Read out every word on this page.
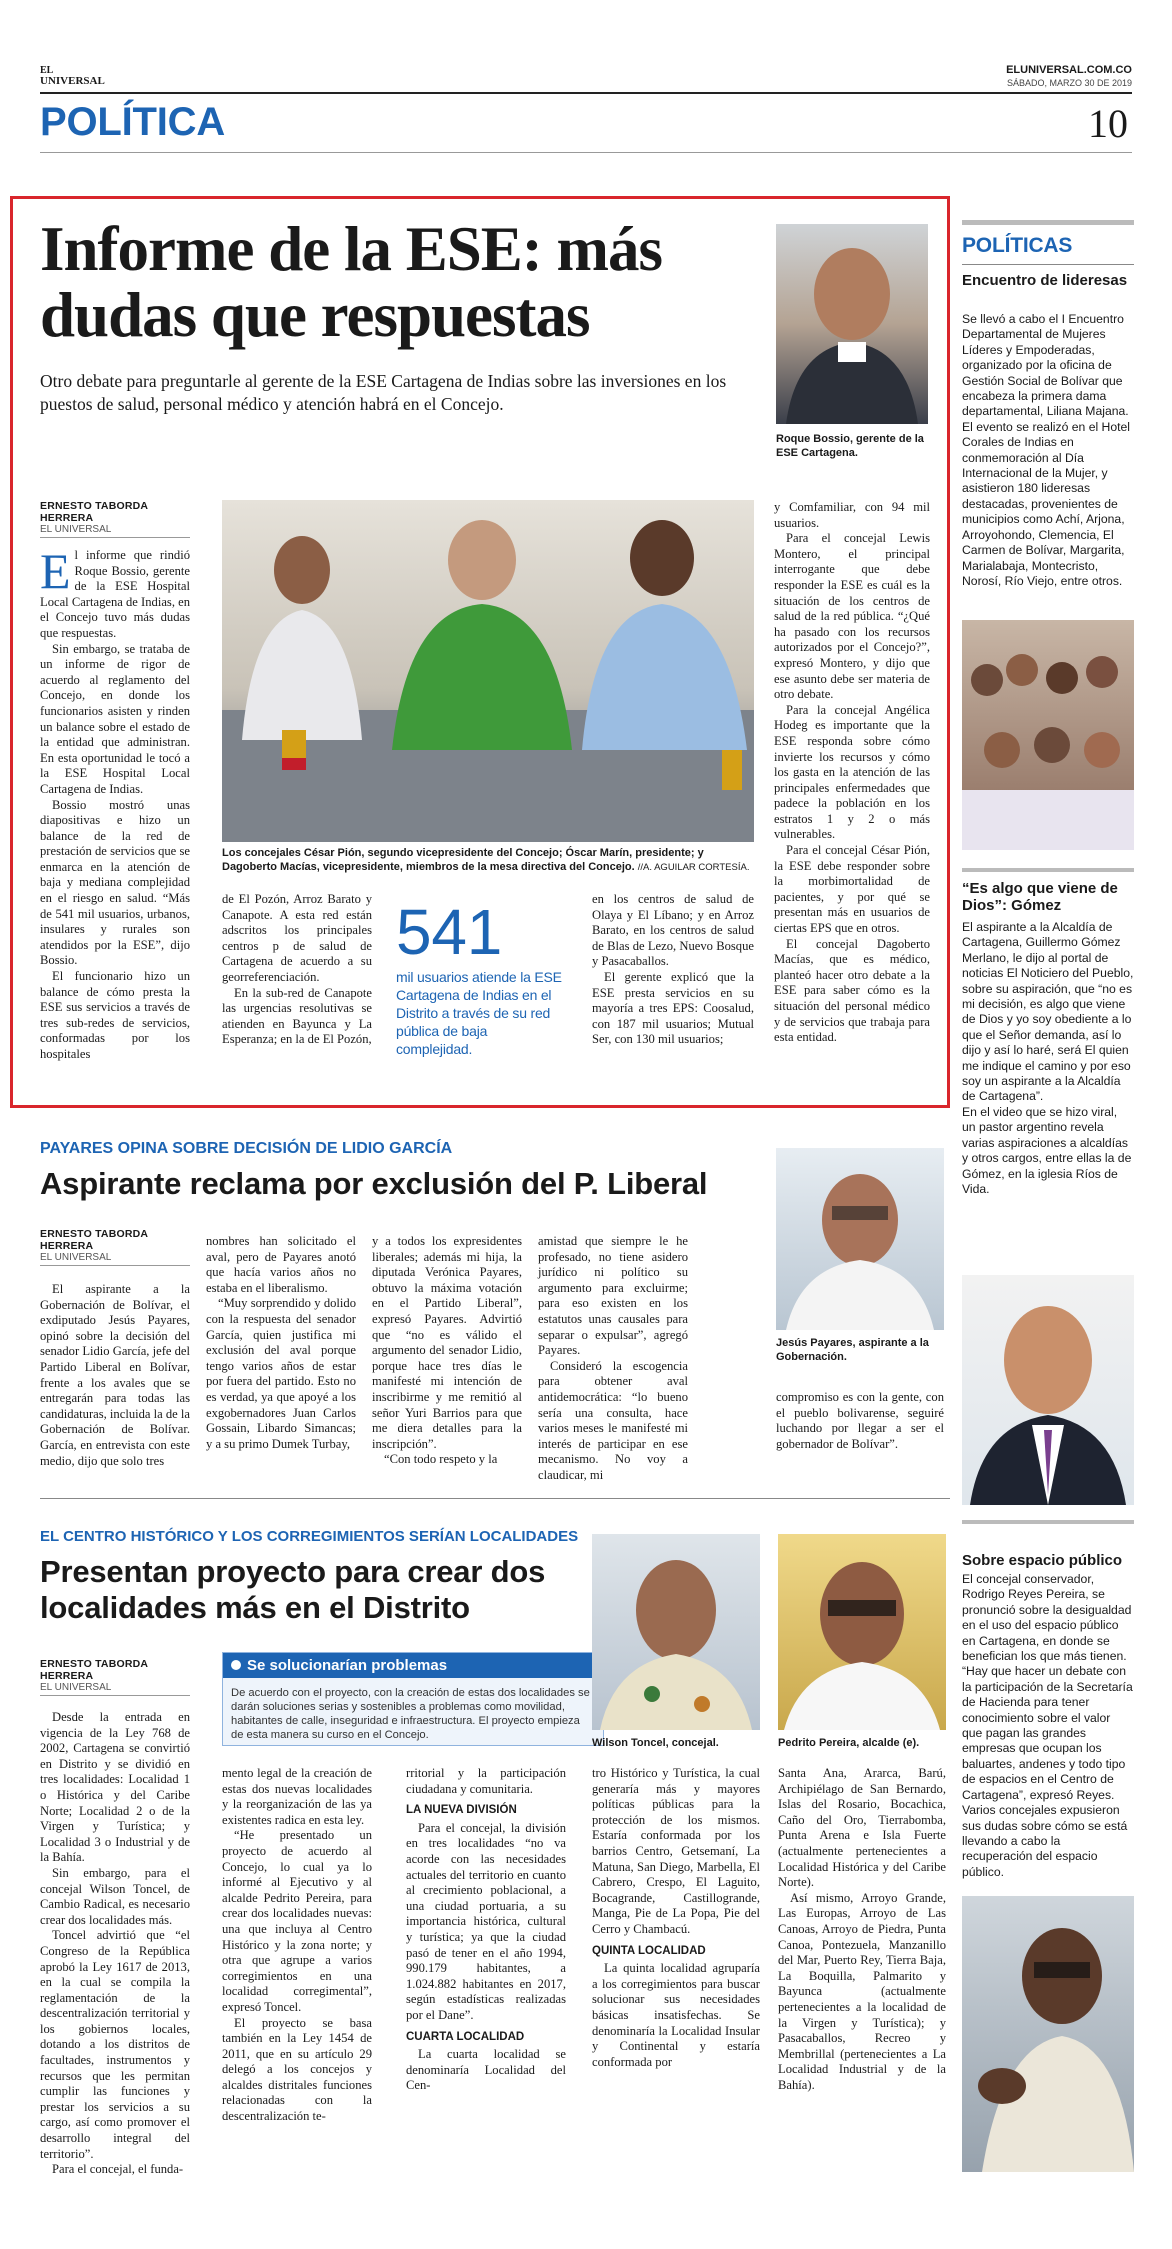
EL
UNIVERSAL
ELUNIVERSAL.COM.CO
SÁBADO, MARZO 30 DE 2019
POLÍTICA	10
Informe de la ESE: más
dudas que respuestas
Otro debate para preguntarle al gerente de la ESE Cartagena de Indias sobre las inversiones en los puestos de salud, personal médico y atención habrá en el Concejo.
Roque Bossio, gerente de la ESE Cartagena.
ERNESTO TABORDA HERRERA
EL UNIVERSAL

El informe que rindió Roque Bossio, gerente de la ESE Hospital Local Cartagena de Indias, en el Concejo tuvo más dudas que respuestas.

Sin embargo, se trataba de un informe de rigor de acuerdo al reglamento del Concejo, en donde los funcionarios asisten y rinden un balance sobre el estado de la entidad que administran. En esta oportunidad le tocó a la ESE Hospital Local Cartagena de Indias.

Bossio mostró unas diapositivas e hizo un balance de la red de prestación de servicios que se enmarca en la atención de baja y mediana complejidad en el riesgo en salud. “Más de 541 mil usuarios, urbanos, insulares y rurales son atendidos por la ESE”, dijo Bossio.

El funcionario hizo un balance de cómo presta la ESE sus servicios a través de tres sub-redes de servicios, conformadas por los hospitales

Los concejales César Pión, segundo vicepresidente del Concejo; Óscar Marín, presidente; y Dagoberto Macías, vicepresidente, miembros de la mesa directiva del Concejo. //A. AGUILAR CORTESÍA.

de El Pozón, Arroz Barato y Canapote. A esta red están adscritos los principales centros p de salud de Cartagena de acuerdo a su georreferenciación.

En la sub-red de Canapote las urgencias resolutivas se atienden en Bayunca y La Esperanza; en la de El Pozón,

541
mil usuarios atiende la ESE Cartagena de Indias en el Distrito a través de su red pública de baja complejidad.

en los centros de salud de Olaya y El Líbano; y en Arroz Barato, en los centros de salud de Blas de Lezo, Nuevo Bosque y Pasacaballos.

El gerente explicó que la ESE presta servicios en su mayoría a tres EPS: Coosalud, con 187 mil usuarios; Mutual Ser, con 130 mil usuarios;

y Comfamiliar, con 94 mil usuarios.

Para el concejal Lewis Montero, el principal interrogante que debe responder la ESE es cuál es la situación de los centros de salud de la red pública. “¿Qué ha pasado con los recursos autorizados por el Concejo?”, expresó Montero, y dijo que ese asunto debe ser materia de otro debate.

Para la concejal Angélica Hodeg es importante que la ESE responda sobre cómo invierte los recursos y cómo los gasta en la atención de las principales enfermedades que padece la población en los estratos 1 y 2 o más vulnerables.

Para el concejal César Pión, la ESE debe responder sobre la morbimortalidad de pacientes, y por qué se presentan más en usuarios de ciertas EPS que en otros.

El concejal Dagoberto Macías, que es médico, planteó hacer otro debate a la ESE para saber cómo es la situación del personal médico y de servicios que trabaja para esta entidad.

POLÍTICAS
Encuentro de lideresas
Se llevó a cabo el I Encuentro Departamental de Mujeres Líderes y Empoderadas, organizado por la oficina de Gestión Social de Bolívar que encabeza la primera dama departamental, Liliana Majana. El evento se realizó en el Hotel Corales de Indias en conmemoración al Día Internacional de la Mujer, y asistieron 180 lideresas destacadas, provenientes de municipios como Achí, Arjona, Arroyohondo, Clemencia, El Carmen de Bolívar, Margarita, Marialabaja, Montecristo, Norosí, Río Viejo, entre otros.
“Es algo que viene de Dios”: Gómez
El aspirante a la Alcaldía de Cartagena, Guillermo Gómez Merlano, le dijo al portal de noticias El Noticiero del Pueblo, sobre su aspiración, que “no es mi decisión, es algo que viene de Dios y yo soy obediente a lo que el Señor demanda, así lo dijo y así lo haré, será El quien me indique el camino y por eso soy un aspirante a la Alcaldía de Cartagena”.
En el video que se hizo viral, un pastor argentino revela varias aspiraciones a alcaldías y otros cargos, entre ellas la de Gómez, en la iglesia Ríos de Vida.
Sobre espacio público
El concejal conservador, Rodrigo Reyes Pereira, se pronunció sobre la desigualdad en el uso del espacio público en Cartagena, en donde se benefician los que más tienen. “Hay que hacer un debate con la participación de la Secretaría de Hacienda para tener conocimiento sobre el valor que pagan las grandes empresas que ocupan los baluartes, andenes y todo tipo de espacios en el Centro de Cartagena”, expresó Reyes. Varios concejales expusieron sus dudas sobre cómo se está llevando a cabo la recuperación del espacio público.
PAYARES OPINA SOBRE DECISIÓN DE LIDIO GARCÍA
Aspirante reclama por exclusión del P. Liberal
ERNESTO TABORDA HERRERA
EL UNIVERSAL

El aspirante a la Gobernación de Bolívar, el exdiputado Jesús Payares, opinó sobre la decisión del senador Lidio García, jefe del Partido Liberal en Bolívar, frente a los avales que se entregarán para todas las candidaturas, incluida la de la Gobernación de Bolívar. García, en entrevista con este medio, dijo que solo tres

nombres han solicitado el aval, pero de Payares anotó que hacía varios años no estaba en el liberalismo.

“Muy sorprendido y dolido con la respuesta del senador García, quien justifica mi exclusión del aval porque tengo varios años de estar por fuera del partido. Esto no es verdad, ya que apoyé a los exgobernadores Juan Carlos Gossain, Libardo Simancas; y a su primo Dumek Turbay,

y a todos los expresidentes liberales; además mi hija, la diputada Verónica Payares, obtuvo la máxima votación en el Partido Liberal”, expresó Payares. Advirtió que “no es válido el argumento del senador Lidio, porque hace tres días le manifesté mi intención de inscribirme y me remitió al señor Yuri Barrios para que me diera detalles para la inscripción”.

“Con todo respeto y la

amistad que siempre le he profesado, no tiene asidero jurídico ni político su argumento para excluirme; para eso existen en los estatutos unas causales para separar o expulsar”, agregó Payares.

Consideró la escogencia para obtener aval antidemocrática: “lo bueno sería una consulta, hace varios meses le manifesté mi interés de participar en ese mecanismo. No voy a claudicar, mi

Jesús Payares, aspirante a la Gobernación.

compromiso es con la gente, con el pueblo bolivarense, seguiré luchando por llegar a ser el gobernador de Bolívar”.

EL CENTRO HISTÓRICO Y LOS CORREGIMIENTOS SERÍAN LOCALIDADES
Presentan proyecto para crear dos
localidades más en el Distrito
ERNESTO TABORDA HERRERA
EL UNIVERSAL
Se solucionarían problemas
De acuerdo con el proyecto, con la creación de estas dos localidades se darán soluciones serias y sostenibles a problemas como movilidad, habitantes de calle, inseguridad e infraestructura. El proyecto empieza de esta manera su curso en el Concejo.
Wilson Toncel, concejal.	Pedrito Pereira, alcalde (e).

Desde la entrada en vigencia de la Ley 768 de 2002, Cartagena se convirtió en Distrito y se dividió en tres localidades: Localidad 1 o Histórica y del Caribe Norte; Localidad 2 o de la Virgen y Turística; y Localidad 3 o Industrial y de la Bahía.

Sin embargo, para el concejal Wilson Toncel, de Cambio Radical, es necesario crear dos localidades más.

Toncel advirtió que “el Congreso de la República aprobó la Ley 1617 de 2013, en la cual se compila la reglamentación de la descentralización territorial y los gobiernos locales, dotando a los distritos de facultades, instrumentos y recursos que les permitan cumplir las funciones y prestar los servicios a su cargo, así como promover el desarrollo integral del territorio”.

Para el concejal, el funda-

mento legal de la creación de estas dos nuevas localidades y la reorganización de las ya existentes radica en esta ley.

“He presentado un proyecto de acuerdo al Concejo, lo cual ya lo informé al Ejecutivo y al alcalde Pedrito Pereira, para crear dos localidades nuevas: una que incluya al Centro Histórico y la zona norte; y otra que agrupe a varios corregimientos en una localidad corregimental”, expresó Toncel.

El proyecto se basa también en la Ley 1454 de 2011, que en su artículo 29 delegó a los concejos y alcaldes distritales funciones relacionadas con la descentralización te-

rritorial y la participación ciudadana y comunitaria.

LA NUEVA DIVISIÓN

Para el concejal, la división en tres localidades “no va acorde con las necesidades actuales del territorio en cuanto al crecimiento poblacional, a una ciudad portuaria, a su importancia histórica, cultural y turística; ya que la ciudad pasó de tener en el año 1994, 990.179 habitantes, a 1.024.882 habitantes en 2017, según estadísticas realizadas por el Dane”.

CUARTA LOCALIDAD

La cuarta localidad se denominaría Localidad del Cen-

tro Histórico y Turística, la cual generaría más y mayores políticas públicas para la protección de los mismos. Estaría conformada por los barrios Centro, Getsemaní, La Matuna, San Diego, Marbella, El Cabrero, Crespo, El Laguito, Bocagrande, Castillogrande, Manga, Pie de La Popa, Pie del Cerro y Chambacú.

QUINTA LOCALIDAD

La quinta localidad agruparía a los corregimientos para buscar solucionar sus necesidades básicas insatisfechas. Se denominaría la Localidad Insular y Continental y estaría conformada por

Santa Ana, Ararca, Barú, Archipiélago de San Bernardo, Islas del Rosario, Bocachica, Caño del Oro, Tierrabomba, Punta Arena e Isla Fuerte (actualmente pertenecientes a Localidad Histórica y del Caribe Norte).

Así mismo, Arroyo Grande, Las Europas, Arroyo de Las Canoas, Arroyo de Piedra, Punta Canoa, Pontezuela, Manzanillo del Mar, Puerto Rey, Tierra Baja, La Boquilla, Palmarito y Bayunca (actualmente pertenecientes a la localidad de la Virgen y Turística); y Pasacaballos, Recreo y Membrillal (pertenecientes a La Localidad Industrial y de la Bahía).
